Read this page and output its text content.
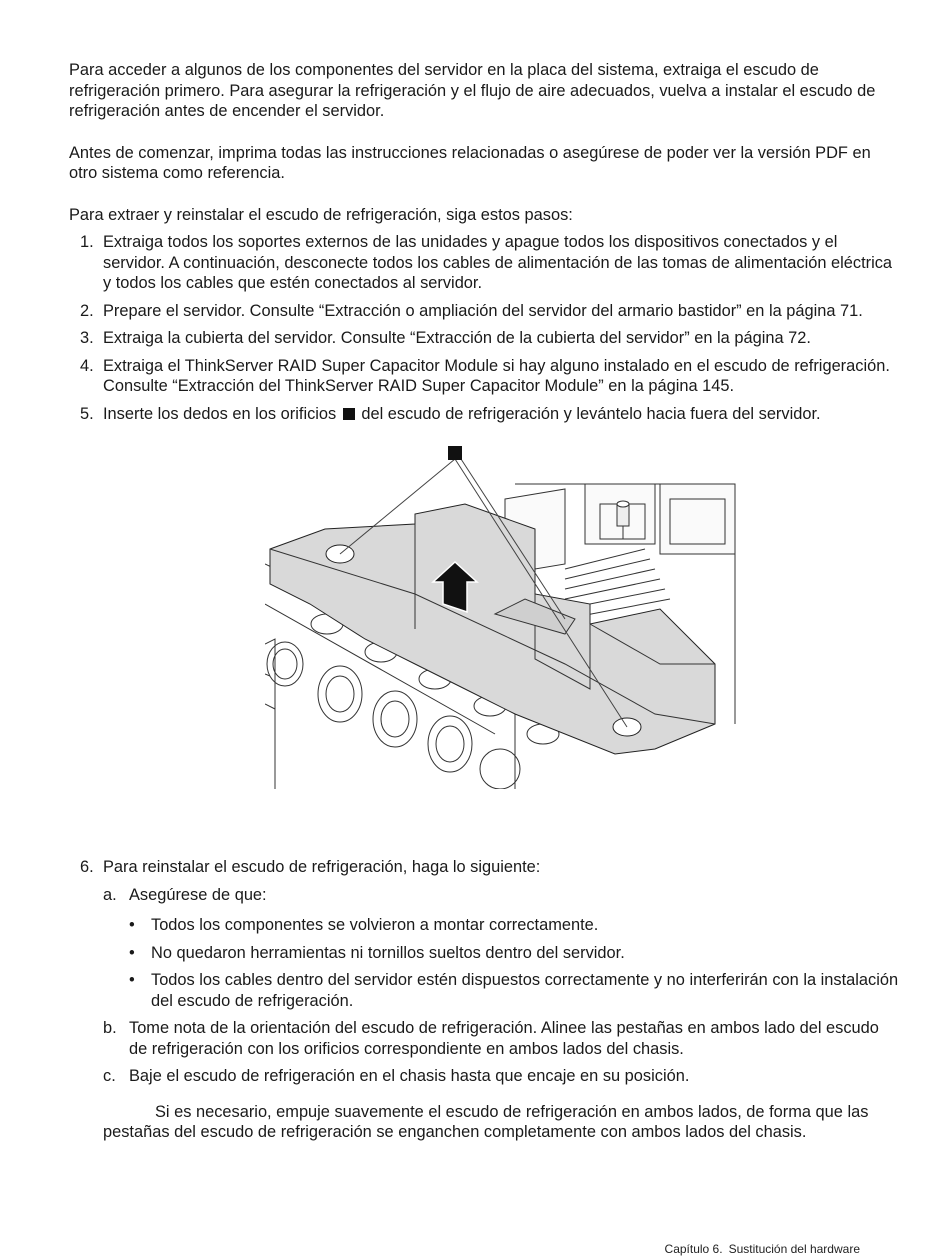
Para acceder a algunos de los componentes del servidor en la placa del sistema, extraiga el escudo de refrigeración primero. Para asegurar la refrigeración y el flujo de aire adecuados, vuelva a instalar el escudo de refrigeración antes de encender el servidor.

Antes de comenzar, imprima todas las instrucciones relacionadas o asegúrese de poder ver la versión PDF en otro sistema como referencia.

Para extraer y reinstalar el escudo de refrigeración, siga estos pasos:

1. Extraiga todos los soportes externos de las unidades y apague todos los dispositivos conectados y el servidor. A continuación, desconecte todos los cables de alimentación de las tomas de alimentación eléctrica y todos los cables que estén conectados al servidor.
2. Prepare el servidor. Consulte “Extracción o ampliación del servidor del armario bastidor” en la página 71.
3. Extraiga la cubierta del servidor. Consulte “Extracción de la cubierta del servidor” en la página 72.
4. Extraiga el ThinkServer RAID Super Capacitor Module si hay alguno instalado en el escudo de refrigeración. Consulte “Extracción del ThinkServer RAID Super Capacitor Module” en la página 145.
5. Inserte los dedos en los orificios del escudo de refrigeración y levántelo hacia fuera del servidor.
6. Para reinstalar el escudo de refrigeración, haga lo siguiente:
a. Asegúrese de que:
• Todos los componentes se volvieron a montar correctamente.
• No quedaron herramientas ni tornillos sueltos dentro del servidor.
• Todos los cables dentro del servidor estén dispuestos correctamente y no interferirán con la instalación del escudo de refrigeración.
b. Tome nota de la orientación del escudo de refrigeración. Alinee las pestañas en ambos lado del escudo de refrigeración con los orificios correspondiente en ambos lados del chasis.
c. Baje el escudo de refrigeración en el chasis hasta que encaje en su posición.

Si es necesario, empuje suavemente el escudo de refrigeración en ambos lados, de forma que las pestañas del escudo de refrigeración se enganchen completamente con ambos lados del chasis.

Capítulo 6. Sustitución del hardware
